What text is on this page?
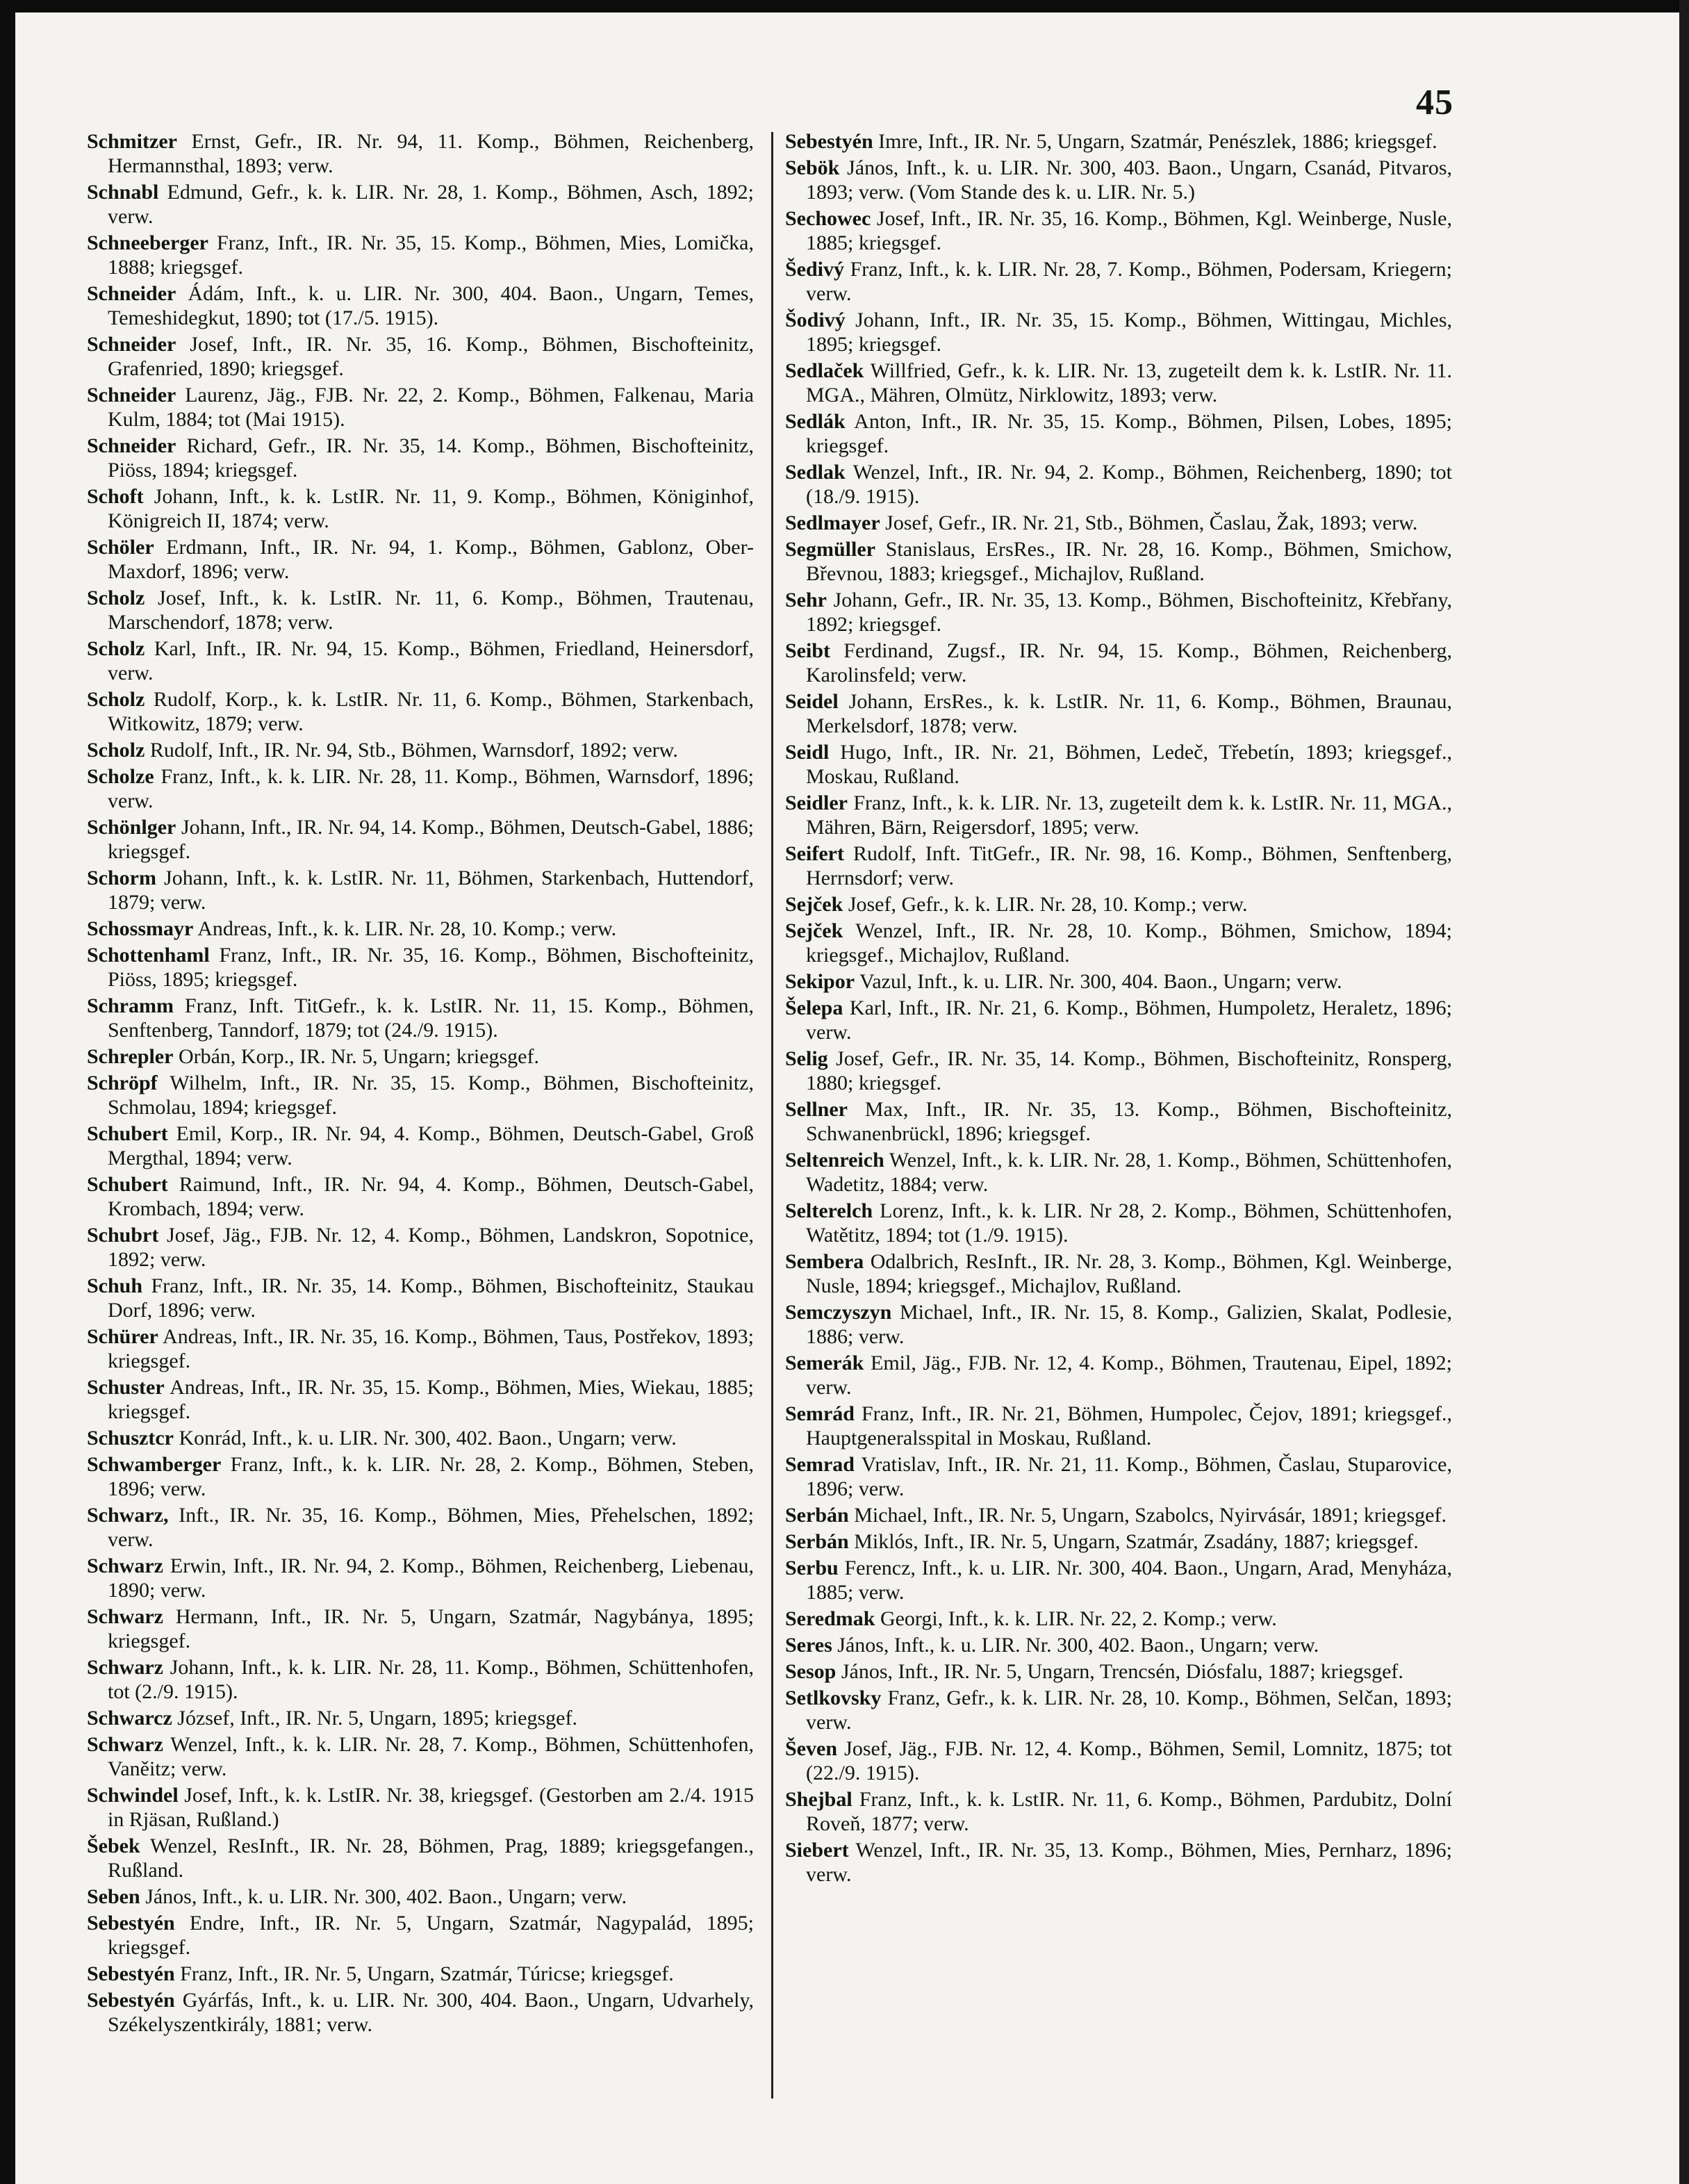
45

Schmitzer Ernst, Gefr., IR. Nr. 94, 11. Komp., Böhmen, Reichenberg, Hermannsthal, 1893; verw.

Schnabl Edmund, Gefr., k. k. LIR. Nr. 28, 1. Komp., Böhmen, Asch, 1892; verw.

Schneeberger Franz, Inft., IR. Nr. 35, 15. Komp., Böhmen, Mies, Lomička, 1888; kriegsgef.

Schneider Ádám, Inft., k. u. LIR. Nr. 300, 404. Baon., Ungarn, Temes, Temeshidegkut, 1890; tot (17./5. 1915).

Schneider Josef, Inft., IR. Nr. 35, 16. Komp., Böhmen, Bischofteinitz, Grafenried, 1890; kriegsgef.

Schneider Laurenz, Jäg., FJB. Nr. 22, 2. Komp., Böhmen, Falkenau, Maria Kulm, 1884; tot (Mai 1915).

Schneider Richard, Gefr., IR. Nr. 35, 14. Komp., Böhmen, Bischofteinitz, Piöss, 1894; kriegsgef.

Schoft Johann, Inft., k. k. LstIR. Nr. 11, 9. Komp., Böhmen, Königinhof, Königreich II, 1874; verw.

Schöler Erdmann, Inft., IR. Nr. 94, 1. Komp., Böhmen, Gablonz, Ober-Maxdorf, 1896; verw.

Scholz Josef, Inft., k. k. LstIR. Nr. 11, 6. Komp., Böhmen, Trautenau, Marschendorf, 1878; verw.

Scholz Karl, Inft., IR. Nr. 94, 15. Komp., Böhmen, Friedland, Heinersdorf, verw.

Scholz Rudolf, Korp., k. k. LstIR. Nr. 11, 6. Komp., Böhmen, Starkenbach, Witkowitz, 1879; verw.

Scholz Rudolf, Inft., IR. Nr. 94, Stb., Böhmen, Warnsdorf, 1892; verw.

Scholze Franz, Inft., k. k. LIR. Nr. 28, 11. Komp., Böhmen, Warnsdorf, 1896; verw.

Schönlger Johann, Inft., IR. Nr. 94, 14. Komp., Böhmen, Deutsch-Gabel, 1886; kriegsgef.

Schorm Johann, Inft., k. k. LstIR. Nr. 11, Böhmen, Starkenbach, Huttendorf, 1879; verw.

Schossmayr Andreas, Inft., k. k. LIR. Nr. 28, 10. Komp.; verw.

Schottenhaml Franz, Inft., IR. Nr. 35, 16. Komp., Böhmen, Bischofteinitz, Piöss, 1895; kriegsgef.

Schramm Franz, Inft. TitGefr., k. k. LstIR. Nr. 11, 15. Komp., Böhmen, Senftenberg, Tanndorf, 1879; tot (24./9. 1915).

Schrepler Orbán, Korp., IR. Nr. 5, Ungarn; kriegsgef.

Schröpf Wilhelm, Inft., IR. Nr. 35, 15. Komp., Böhmen, Bischofteinitz, Schmolau, 1894; kriegsgef.

Schubert Emil, Korp., IR. Nr. 94, 4. Komp., Böhmen, Deutsch-Gabel, Groß Mergthal, 1894; verw.

Schubert Raimund, Inft., IR. Nr. 94, 4. Komp., Böhmen, Deutsch-Gabel, Krombach, 1894; verw.

Schubrt Josef, Jäg., FJB. Nr. 12, 4. Komp., Böhmen, Landskron, Sopotnice, 1892; verw.

Schuh Franz, Inft., IR. Nr. 35, 14. Komp., Böhmen, Bischofteinitz, Staukau Dorf, 1896; verw.

Schürer Andreas, Inft., IR. Nr. 35, 16. Komp., Böhmen, Taus, Postřekov, 1893; kriegsgef.

Schuster Andreas, Inft., IR. Nr. 35, 15. Komp., Böhmen, Mies, Wiekau, 1885; kriegsgef.

Schusztcr Konrád, Inft., k. u. LIR. Nr. 300, 402. Baon., Ungarn; verw.

Schwamberger Franz, Inft., k. k. LIR. Nr. 28, 2. Komp., Böhmen, Steben, 1896; verw.

Schwarz, Inft., IR. Nr. 35, 16. Komp., Böhmen, Mies, Přehelschen, 1892; verw.

Schwarz Erwin, Inft., IR. Nr. 94, 2. Komp., Böhmen, Reichenberg, Liebenau, 1890; verw.

Schwarz Hermann, Inft., IR. Nr. 5, Ungarn, Szatmár, Nagybánya, 1895; kriegsgef.

Schwarz Johann, Inft., k. k. LIR. Nr. 28, 11. Komp., Böhmen, Schüttenhofen, tot (2./9. 1915).

Schwarcz József, Inft., IR. Nr. 5, Ungarn, 1895; kriegsgef.

Schwarz Wenzel, Inft., k. k. LIR. Nr. 28, 7. Komp., Böhmen, Schüttenhofen, Vaněitz; verw.

Schwindel Josef, Inft., k. k. LstIR. Nr. 38, kriegsgef. (Gestorben am 2./4. 1915 in Rjäsan, Rußland.)

Šebek Wenzel, ResInft., IR. Nr. 28, Böhmen, Prag, 1889; kriegsgefangen., Rußland.

Seben János, Inft., k. u. LIR. Nr. 300, 402. Baon., Ungarn; verw.

Sebestyén Endre, Inft., IR. Nr. 5, Ungarn, Szatmár, Nagypalád, 1895; kriegsgef.

Sebestyén Franz, Inft., IR. Nr. 5, Ungarn, Szatmár, Túricse; kriegsgef.

Sebestyén Gyárfás, Inft., k. u. LIR. Nr. 300, 404. Baon., Ungarn, Udvarhely, Székelyszentkirály, 1881; verw.

Sebestyén Imre, Inft., IR. Nr. 5, Ungarn, Szatmár, Penészlek, 1886; kriegsgef.

Sebök János, Inft., k. u. LIR. Nr. 300, 403. Baon., Ungarn, Csanád, Pitvaros, 1893; verw. (Vom Stande des k. u. LIR. Nr. 5.)

Sechowec Josef, Inft., IR. Nr. 35, 16. Komp., Böhmen, Kgl. Weinberge, Nusle, 1885; kriegsgef.

Šedivý Franz, Inft., k. k. LIR. Nr. 28, 7. Komp., Böhmen, Podersam, Kriegern; verw.

Šodivý Johann, Inft., IR. Nr. 35, 15. Komp., Böhmen, Wittingau, Michles, 1895; kriegsgef.

Sedlaček Willfried, Gefr., k. k. LIR. Nr. 13, zugeteilt dem k. k. LstIR. Nr. 11. MGA., Mähren, Olmütz, Nirklowitz, 1893; verw.

Sedlák Anton, Inft., IR. Nr. 35, 15. Komp., Böhmen, Pilsen, Lobes, 1895; kriegsgef.

Sedlak Wenzel, Inft., IR. Nr. 94, 2. Komp., Böhmen, Reichenberg, 1890; tot (18./9. 1915).

Sedlmayer Josef, Gefr., IR. Nr. 21, Stb., Böhmen, Časlau, Žak, 1893; verw.

Segmüller Stanislaus, ErsRes., IR. Nr. 28, 16. Komp., Böhmen, Smichow, Břevnou, 1883; kriegsgef., Michajlov, Rußland.

Sehr Johann, Gefr., IR. Nr. 35, 13. Komp., Böhmen, Bischofteinitz, Křebřany, 1892; kriegsgef.

Seibt Ferdinand, Zugsf., IR. Nr. 94, 15. Komp., Böhmen, Reichenberg, Karolinsfeld; verw.

Seidel Johann, ErsRes., k. k. LstIR. Nr. 11, 6. Komp., Böhmen, Braunau, Merkelsdorf, 1878; verw.

Seidl Hugo, Inft., IR. Nr. 21, Böhmen, Ledeč, Třebetín, 1893; kriegsgef., Moskau, Rußland.

Seidler Franz, Inft., k. k. LIR. Nr. 13, zugeteilt dem k. k. LstIR. Nr. 11, MGA., Mähren, Bärn, Reigersdorf, 1895; verw.

Seifert Rudolf, Inft. TitGefr., IR. Nr. 98, 16. Komp., Böhmen, Senftenberg, Herrnsdorf; verw.

Sejček Josef, Gefr., k. k. LIR. Nr. 28, 10. Komp.; verw.

Sejček Wenzel, Inft., IR. Nr. 28, 10. Komp., Böhmen, Smichow, 1894; kriegsgef., Michajlov, Rußland.

Sekipor Vazul, Inft., k. u. LIR. Nr. 300, 404. Baon., Ungarn; verw.

Šelepa Karl, Inft., IR. Nr. 21, 6. Komp., Böhmen, Humpoletz, Heraletz, 1896; verw.

Selig Josef, Gefr., IR. Nr. 35, 14. Komp., Böhmen, Bischofteinitz, Ronsperg, 1880; kriegsgef.

Sellner Max, Inft., IR. Nr. 35, 13. Komp., Böhmen, Bischofteinitz, Schwanenbrückl, 1896; kriegsgef.

Seltenreich Wenzel, Inft., k. k. LIR. Nr. 28, 1. Komp., Böhmen, Schüttenhofen, Wadetitz, 1884; verw.

Selterelch Lorenz, Inft., k. k. LIR. Nr 28, 2. Komp., Böhmen, Schüttenhofen, Watětitz, 1894; tot (1./9. 1915).

Sembera Odalbrich, ResInft., IR. Nr. 28, 3. Komp., Böhmen, Kgl. Weinberge, Nusle, 1894; kriegsgef., Michajlov, Rußland.

Semczyszyn Michael, Inft., IR. Nr. 15, 8. Komp., Galizien, Skalat, Podlesie, 1886; verw.

Semerák Emil, Jäg., FJB. Nr. 12, 4. Komp., Böhmen, Trautenau, Eipel, 1892; verw.

Semrád Franz, Inft., IR. Nr. 21, Böhmen, Humpolec, Čejov, 1891; kriegsgef., Hauptgeneralsspital in Moskau, Rußland.

Semrad Vratislav, Inft., IR. Nr. 21, 11. Komp., Böhmen, Časlau, Stuparovice, 1896; verw.

Serbán Michael, Inft., IR. Nr. 5, Ungarn, Szabolcs, Nyirvásár, 1891; kriegsgef.

Serbán Miklós, Inft., IR. Nr. 5, Ungarn, Szatmár, Zsadány, 1887; kriegsgef.

Serbu Ferencz, Inft., k. u. LIR. Nr. 300, 404. Baon., Ungarn, Arad, Menyháza, 1885; verw.

Seredmak Georgi, Inft., k. k. LIR. Nr. 22, 2. Komp.; verw.

Seres János, Inft., k. u. LIR. Nr. 300, 402. Baon., Ungarn; verw.

Sesop János, Inft., IR. Nr. 5, Ungarn, Trencsén, Diósfalu, 1887; kriegsgef.

Setlkovsky Franz, Gefr., k. k. LIR. Nr. 28, 10. Komp., Böhmen, Selčan, 1893; verw.

Ševen Josef, Jäg., FJB. Nr. 12, 4. Komp., Böhmen, Semil, Lomnitz, 1875; tot (22./9. 1915).

Shejbal Franz, Inft., k. k. LstIR. Nr. 11, 6. Komp., Böhmen, Pardubitz, Dolní Roveň, 1877; verw.

Siebert Wenzel, Inft., IR. Nr. 35, 13. Komp., Böhmen, Mies, Pernharz, 1896; verw.
